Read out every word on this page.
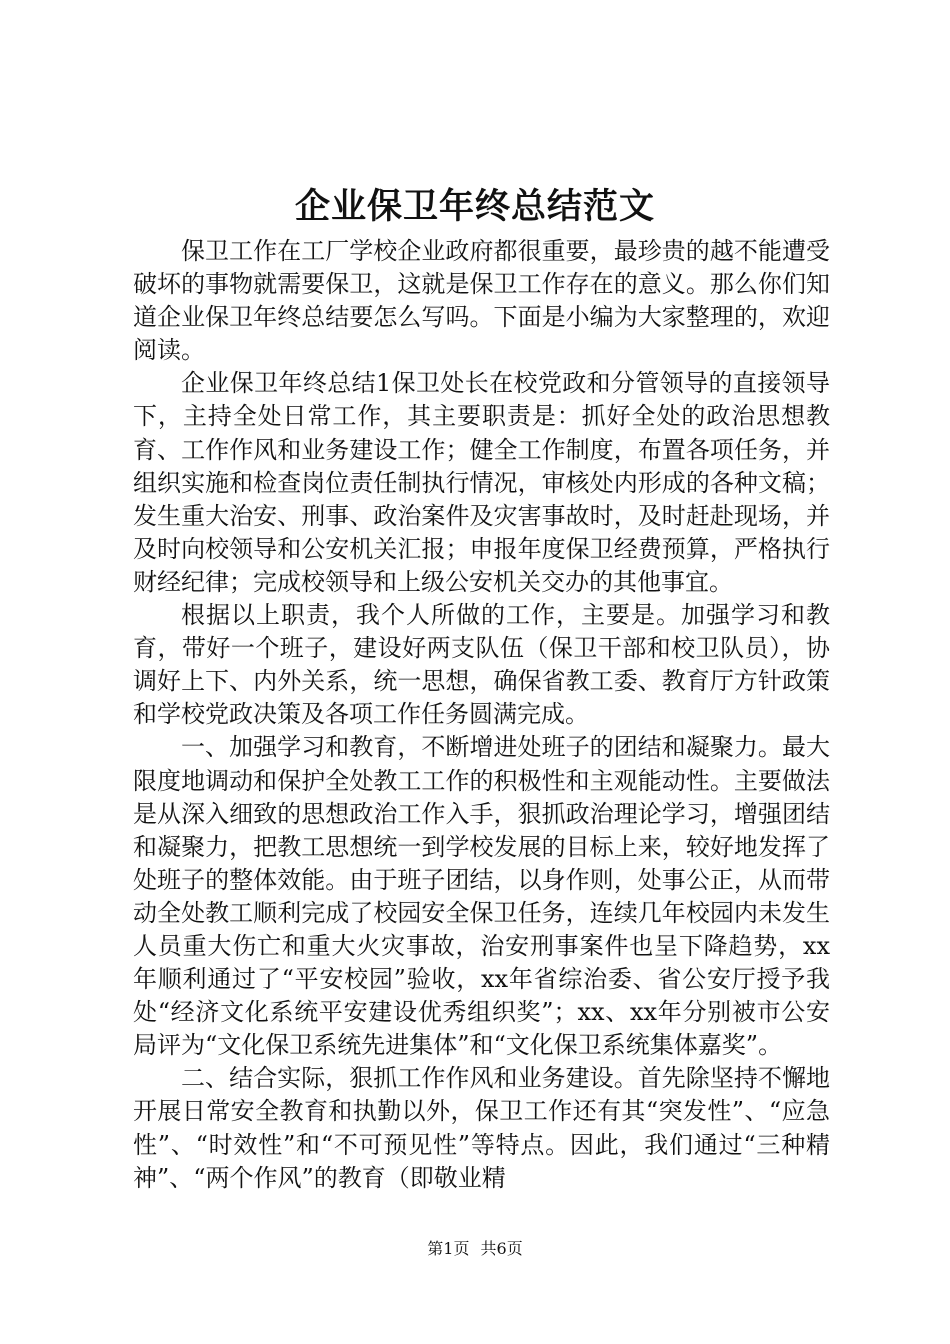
企业保卫年终总结范文

保卫工作在工厂学校企业政府都很重要，最珍贵的越不能遭受破坏的事物就需要保卫，这就是保卫工作存在的意义。那么你们知道企业保卫年终总结要怎么写吗。下面是小编为大家整理的，欢迎阅读。

企业保卫年终总结1保卫处长在校党政和分管领导的直接领导下，主持全处日常工作，其主要职责是：抓好全处的政治思想教育、工作作风和业务建设工作；健全工作制度，布置各项任务，并组织实施和检查岗位责任制执行情况，审核处内形成的各种文稿；发生重大治安、刑事、政治案件及灾害事故时，及时赶赴现场，并及时向校领导和公安机关汇报；申报年度保卫经费预算，严格执行财经纪律；完成校领导和上级公安机关交办的其他事宜。

根据以上职责，我个人所做的工作，主要是。加强学习和教育，带好一个班子，建设好两支队伍（保卫干部和校卫队员），协调好上下、内外关系，统一思想，确保省教工委、教育厅方针政策和学校党政决策及各项工作任务圆满完成。

一、加强学习和教育，不断增进处班子的团结和凝聚力。最大限度地调动和保护全处教工工作的积极性和主观能动性。主要做法是从深入细致的思想政治工作入手，狠抓政治理论学习，增强团结和凝聚力，把教工思想统一到学校发展的目标上来，较好地发挥了处班子的整体效能。由于班子团结，以身作则，处事公正，从而带动全处教工顺利完成了校园安全保卫任务，连续几年校园内未发生人员重大伤亡和重大火灾事故，治安刑事案件也呈下降趋势，xx年顺利通过了“平安校园”验收，xx年省综治委、省公安厅授予我处“经济文化系统平安建设优秀组织奖”；xx、xx年分别被市公安局评为“文化保卫系统先进集体”和“文化保卫系统集体嘉奖”。

二、结合实际，狠抓工作作风和业务建设。首先除坚持不懈地开展日常安全教育和执勤以外，保卫工作还有其“突发性”、“应急性”、“时效性”和“不可预见性”等特点。因此，我们通过“三种精神”、“两个作风”的教育（即敬业精

第1页 共6页
